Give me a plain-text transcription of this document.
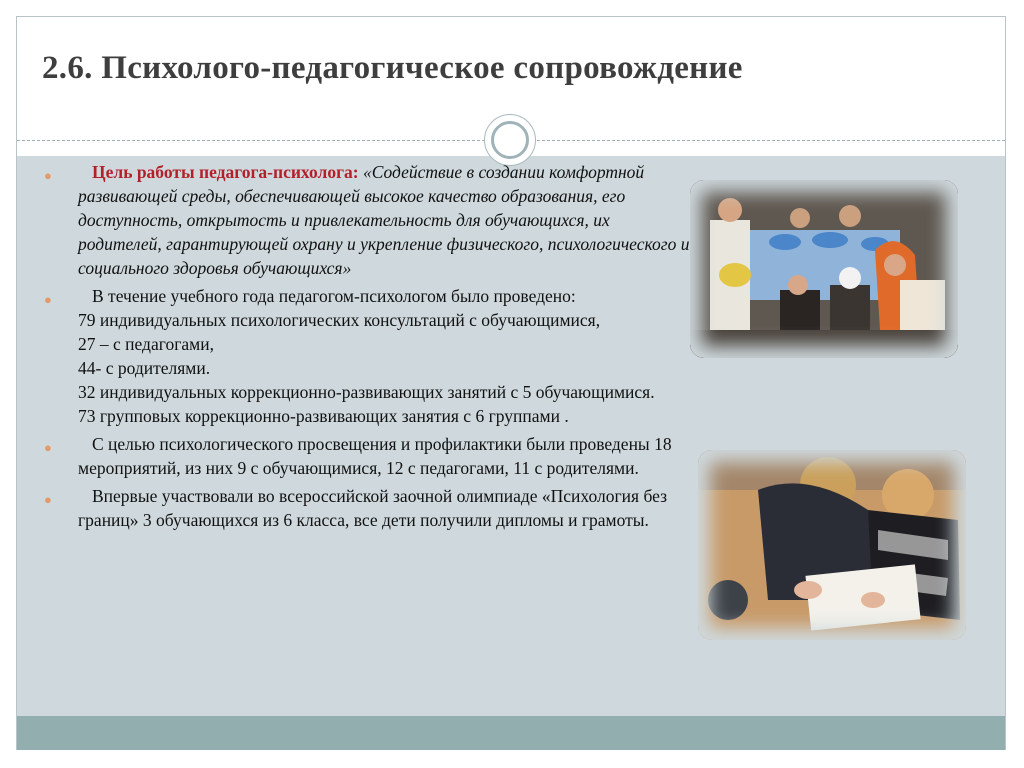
2.6. Психолого-педагогическое сопровождение
● Цель работы педагога-психолога: «Содействие в создании комфортной развивающей среды, обеспечивающей высокое качество образования, его доступность, открытость и привлекательность для обучающихся, их родителей, гарантирующей охрану и укрепление физического, психологического и социального здоровья обучающихся»
●	В течение учебного года педагогом-психологом было проведено:
79 индивидуальных психологических консультаций с обучающимися,
27 – с педагогами,
44- с родителями.
32 индивидуальных коррекционно-развивающих занятий с 5 обучающимися.
73 групповых коррекционно-развивающих занятия с 6 группами .
● С целью психологического просвещения и профилактики были проведены 18 мероприятий, из них 9 с обучающимися, 12 с педагогами, 11 с родителями.
● Впервые участвовали во всероссийской заочной олимпиаде «Психология без границ» 3 обучающихся из 6 класса, все дети получили дипломы и грамоты.
